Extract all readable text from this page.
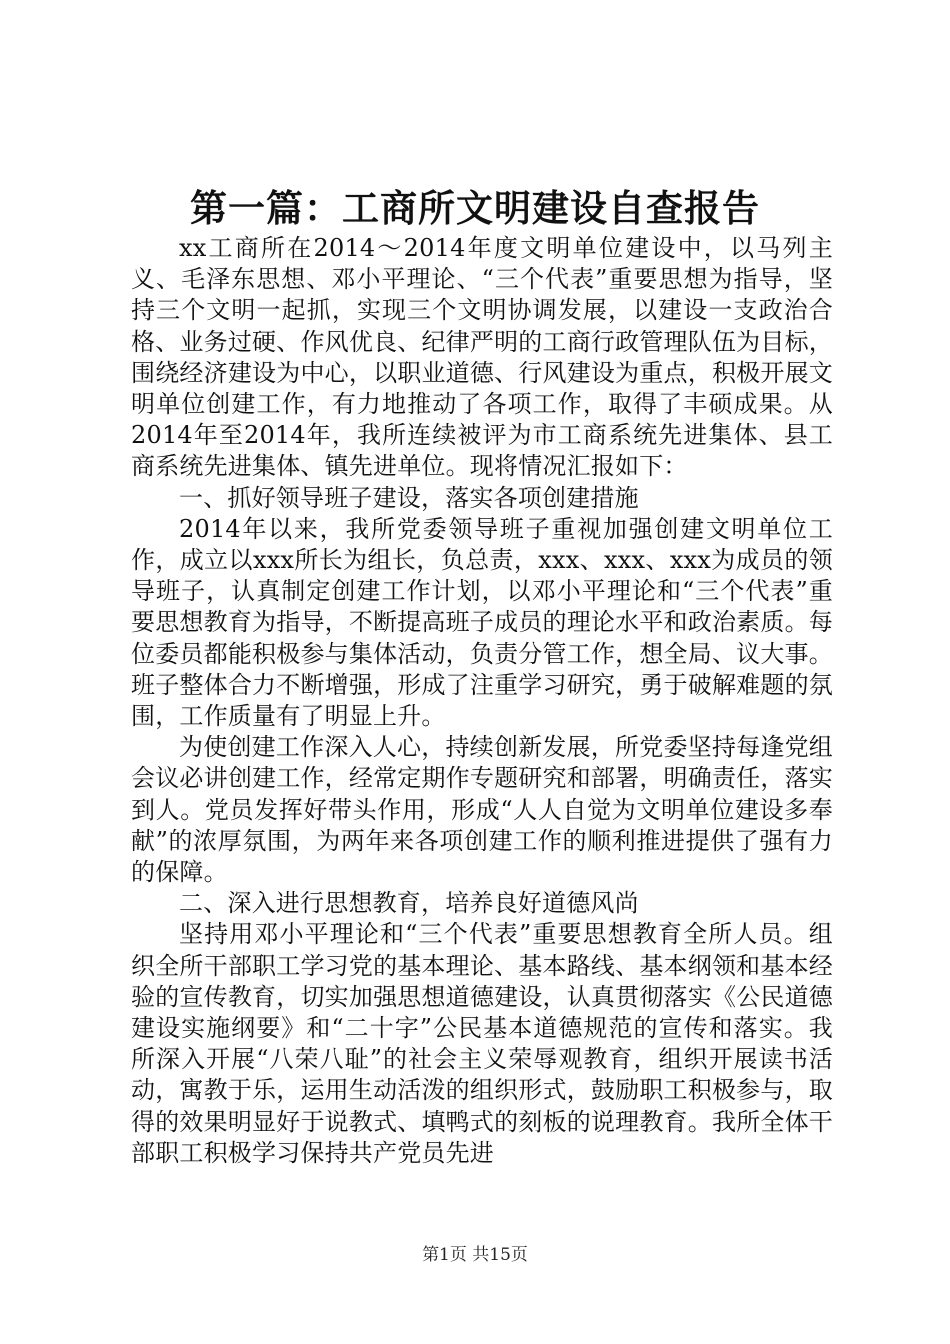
第一篇：工商所文明建设自查报告

xx工商所在2014～2014年度文明单位建设中，以马列主义、毛泽东思想、邓小平理论、“三个代表”重要思想为指导，坚持三个文明一起抓，实现三个文明协调发展，以建设一支政治合格、业务过硬、作风优良、纪律严明的工商行政管理队伍为目标，围绕经济建设为中心，以职业道德、行风建设为重点，积极开展文明单位创建工作，有力地推动了各项工作，取得了丰硕成果。从2014年至2014年，我所连续被评为市工商系统先进集体、县工商系统先进集体、镇先进单位。现将情况汇报如下：

一、抓好领导班子建设，落实各项创建措施

2014年以来，我所党委领导班子重视加强创建文明单位工作，成立以xxx所长为组长，负总责，xxx、xxx、xxx为成员的领导班子，认真制定创建工作计划，以邓小平理论和“三个代表”重要思想教育为指导，不断提高班子成员的理论水平和政治素质。每位委员都能积极参与集体活动，负责分管工作，想全局、议大事。班子整体合力不断增强，形成了注重学习研究，勇于破解难题的氛围，工作质量有了明显上升。

为使创建工作深入人心，持续创新发展，所党委坚持每逢党组会议必讲创建工作，经常定期作专题研究和部署，明确责任，落实到人。党员发挥好带头作用，形成“人人自觉为文明单位建设多奉献”的浓厚氛围，为两年来各项创建工作的顺利推进提供了强有力的保障。

二、深入进行思想教育，培养良好道德风尚

坚持用邓小平理论和“三个代表”重要思想教育全所人员。组织全所干部职工学习党的基本理论、基本路线、基本纲领和基本经验的宣传教育，切实加强思想道德建设，认真贯彻落实《公民道德建设实施纲要》和“二十字”公民基本道德规范的宣传和落实。我所深入开展“八荣八耻”的社会主义荣辱观教育，组织开展读书活动，寓教于乐，运用生动活泼的组织形式，鼓励职工积极参与，取得的效果明显好于说教式、填鸭式的刻板的说理教育。我所全体干部职工积极学习保持共产党员先进

第1页 共15页
